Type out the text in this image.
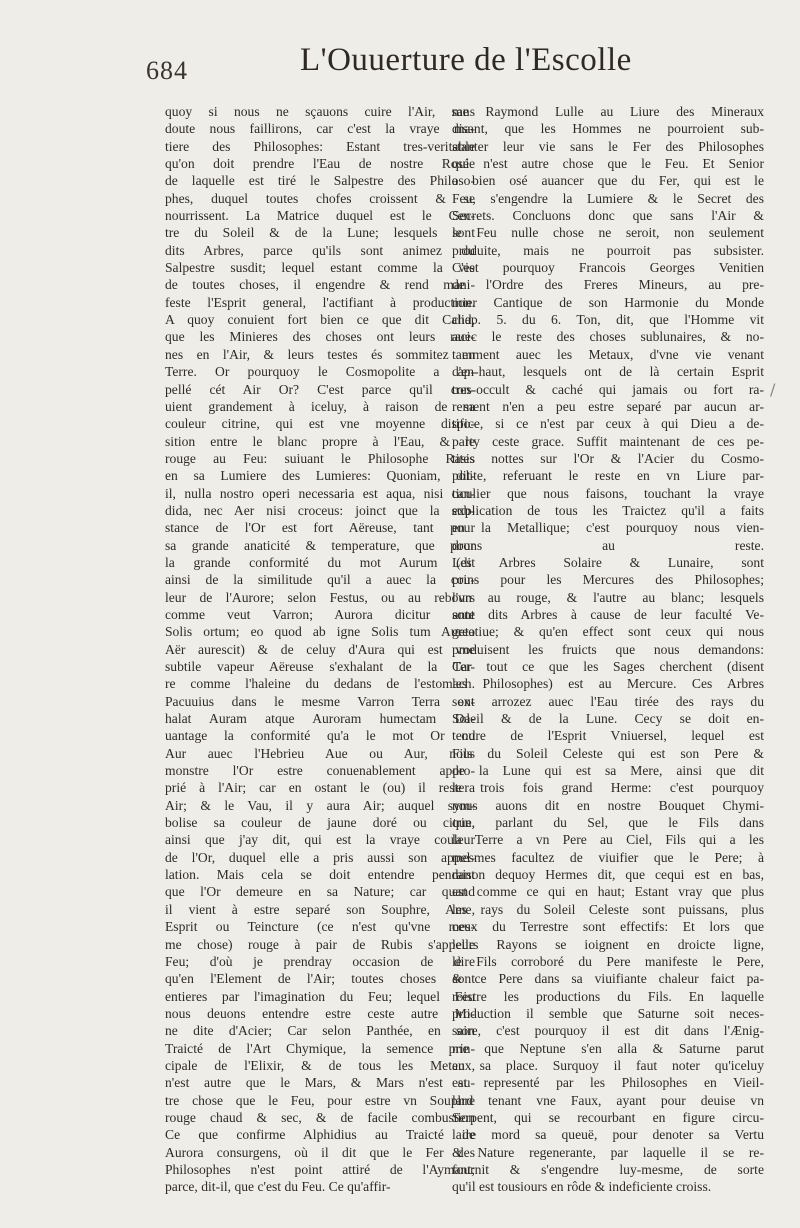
684	L'Ouuerture de l'Escolle
quoy si nous ne sçauons cuire l'Air, sans
doute nous faillirons, car c'est la vraye ma-
tiere des Philosophes: Estant tres-veritable
qu'on doit prendre l'Eau de nostre Rosée
de laquelle est tiré le Salpestre des Philoso-
phes, duquel toutes chofes croissent & se
nourrissent. La Matrice duquel est le Cen-
tre du Soleil & de la Lune; lesquels sont
dits Arbres, parce qu'ils sont animez du
Salpestre susdit; lequel estant comme la vie
de toutes choses, il engendre & rend mani-
feste l'Esprit general, l'actifiant à production.
A quoy conuient fort bien ce que dit Calid,
que les Minieres des choses ont leurs raci-
nes en l'Air, & leurs testes és sommitez en
Terre. Or pourquoy le Cosmopolite a ap-
pellé cét Air Or? C'est parce qu'il con-
uient grandement à iceluy, à raison de sa
couleur citrine, qui est vne moyenne dispo-
sition entre le blanc propre à l'Eau, & le
rouge au Feu: suiuant le Philosophe Rasis
en sa Lumiere des Lumieres: Quoniam, dit-
il, nulla nostro operi necessaria est aqua, nisi can-
dida, nec Aer nisi croceus: joinct que la sub-
stance de l'Or est fort Aëreuse, tant pour
sa grande anaticité & temperature, que pour
la grande conformité du mot Aurum (dit
ainsi de la similitude qu'il a auec la cou-
leur de l'Aurore; selon Festus, ou au rebours
comme veut Varron; Aurora dicitur ante
Solis ortum; eo quod ab igne Solis tum Aureo
Aër aurescit) & de celuy d'Aura qui est vne
subtile vapeur Aëreuse s'exhalant de la Ter-
re comme l'haleine du dedans de l'estomach.
Pacuuius dans le mesme Varron Terra ex-
halat Auram atque Auroram humectam Da-
uantage la conformité qu'a le mot Or ou
Aur auec l'Hebrieu Aue ou Aur, nous
monstre l'Or estre conuenablement appro-
prié à l'Air; car en ostant le (ou) il restera
Air; & le Vau, il y aura Air; auquel sym-
bolise sa couleur de jaune doré ou citrin,
ainsi que j'ay dit, qui est la vraye couleur
de l'Or, duquel elle a pris aussi son appel-
lation. Mais cela se doit entendre pendant
que l'Or demeure en sa Nature; car quand
il vient à estre separé son Souphre, Ame,
Esprit ou Teincture (ce n'est qu'vne mes-
me chose) rouge à pair de Rubis s'appelle
Feu; d'où je prendray occasion de dire
qu'en l'Element de l'Air; toutes choses sont
entieres par l'imagination du Feu; lequel Feu
nous deuons entendre estre ceste autre Mi-
ne dite d'Acier; Car selon Panthée, en son
Traicté de l'Art Chymique, la semence prin-
cipale de l'Elixir, & de tous les Metaux,
n'est autre que le Mars, & Mars n'est au-
tre chose que le Feu, pour estre vn Souphre
rouge chaud & sec, & de facile combustion
Ce que confirme Alphidius au Traicté de
Aurora consurgens, où il dit que le Fer des
Philosophes n'est point attiré de l'Aymant;
parce, dit-il, que c'est du Feu. Ce qu'affir-
me Raymond Lulle au Liure des Mineraux
disant, que les Hommes ne pourroient sub-
stanter leur vie sans le Fer des Philosophes
qui n'est autre chose que le Feu. Et Senior
a bien osé auancer que du Fer, qui est le
Feu, s'engendre la Lumiere & le Secret des
Secrets. Concluons donc que sans l'Air &
le Feu nulle chose ne seroit, non seulement
produite, mais ne pourroit pas subsister.
C'est pourquoy Francois Georges Venitien
de l'Ordre des Freres Mineurs, au pre-
mier Cantique de son Harmonie du Monde
chap. 5. du 6. Ton, dit, que l'Homme vit
auec le reste des choses sublunaires, & no-
tamment auec les Metaux, d'vne vie venant
d'en-haut, lesquels ont de là certain Esprit
tres-occult & caché qui jamais ou fort ra-
rement n'en a peu estre separé par aucun ar-
tifice, si ce n'est par ceux à qui Dieu a de-
party ceste grace. Suffit maintenant de ces pe-
tites nottes sur l'Or & l'Acier du Cosmo-
polite, referuant le reste en vn Liure par-
ticulier que nous faisons, touchant la vraye
explication de tous les Traictez qu'il a faits
en la Metallique; c'est pourquoy nous vien-
drons au reste.
Les Arbres Solaire & Lunaire, sont
prins pour les Mercures des Philosophes;
l'vn au rouge, & l'autre au blanc; lesquels
sont dits Arbres à cause de leur faculté Ve-
getatiue; & qu'en effect sont ceux qui nous
produisent les fruicts que nous demandons:
Car tout ce que les Sages cherchent (disent
les Philosophes) est au Mercure. Ces Arbres
sont arrozez auec l'Eau tirée des rays du
Soleil & de la Lune. Cecy se doit en-
tendre de l'Esprit Vniuersel, lequel est
Fils du Soleil Celeste qui est son Pere &
de la Lune qui est sa Mere, ainsi que dit
le trois fois grand Herme: c'est pourquoy
nous auons dit en nostre Bouquet Chymi-
que, parlant du Sel, que le Fils dans
la Terre a vn Pere au Ciel, Fils qui a les
mesmes facultez de viuifier que le Pere; à
raison dequoy Hermes dit, que cequi est en bas,
est comme ce qui en haut; Estant vray que plus
les rays du Soleil Celeste sont puissans, plus
ceux du Terrestre sont effectifs: Et lors que
leurs Rayons se ioignent en droicte ligne,
le Fils corroboré du Pere manifeste le Pere,
& ce Pere dans sa viuifiante chaleur faict pa-
roistre les productions du Fils. En laquelle
production il semble que Saturne soit neces-
saire, c'est pourquoy il est dit dans l'Ænig-
me que Neptune s'en alla & Saturne parut
en sa place. Surquoy il faut noter qu'iceluy
est representé par les Philosophes en Vieil-
lard tenant vne Faux, ayant pour deuise vn
Serpent, qui se recourbant en figure circu-
laire mord sa queuë, pour denoter sa Vertu
& Nature regenerante, par laquelle il se re-
fournit & s'engendre luy-mesme, de sorte
qu'il est tousiours en rôde & indeficiente croiss.
/
